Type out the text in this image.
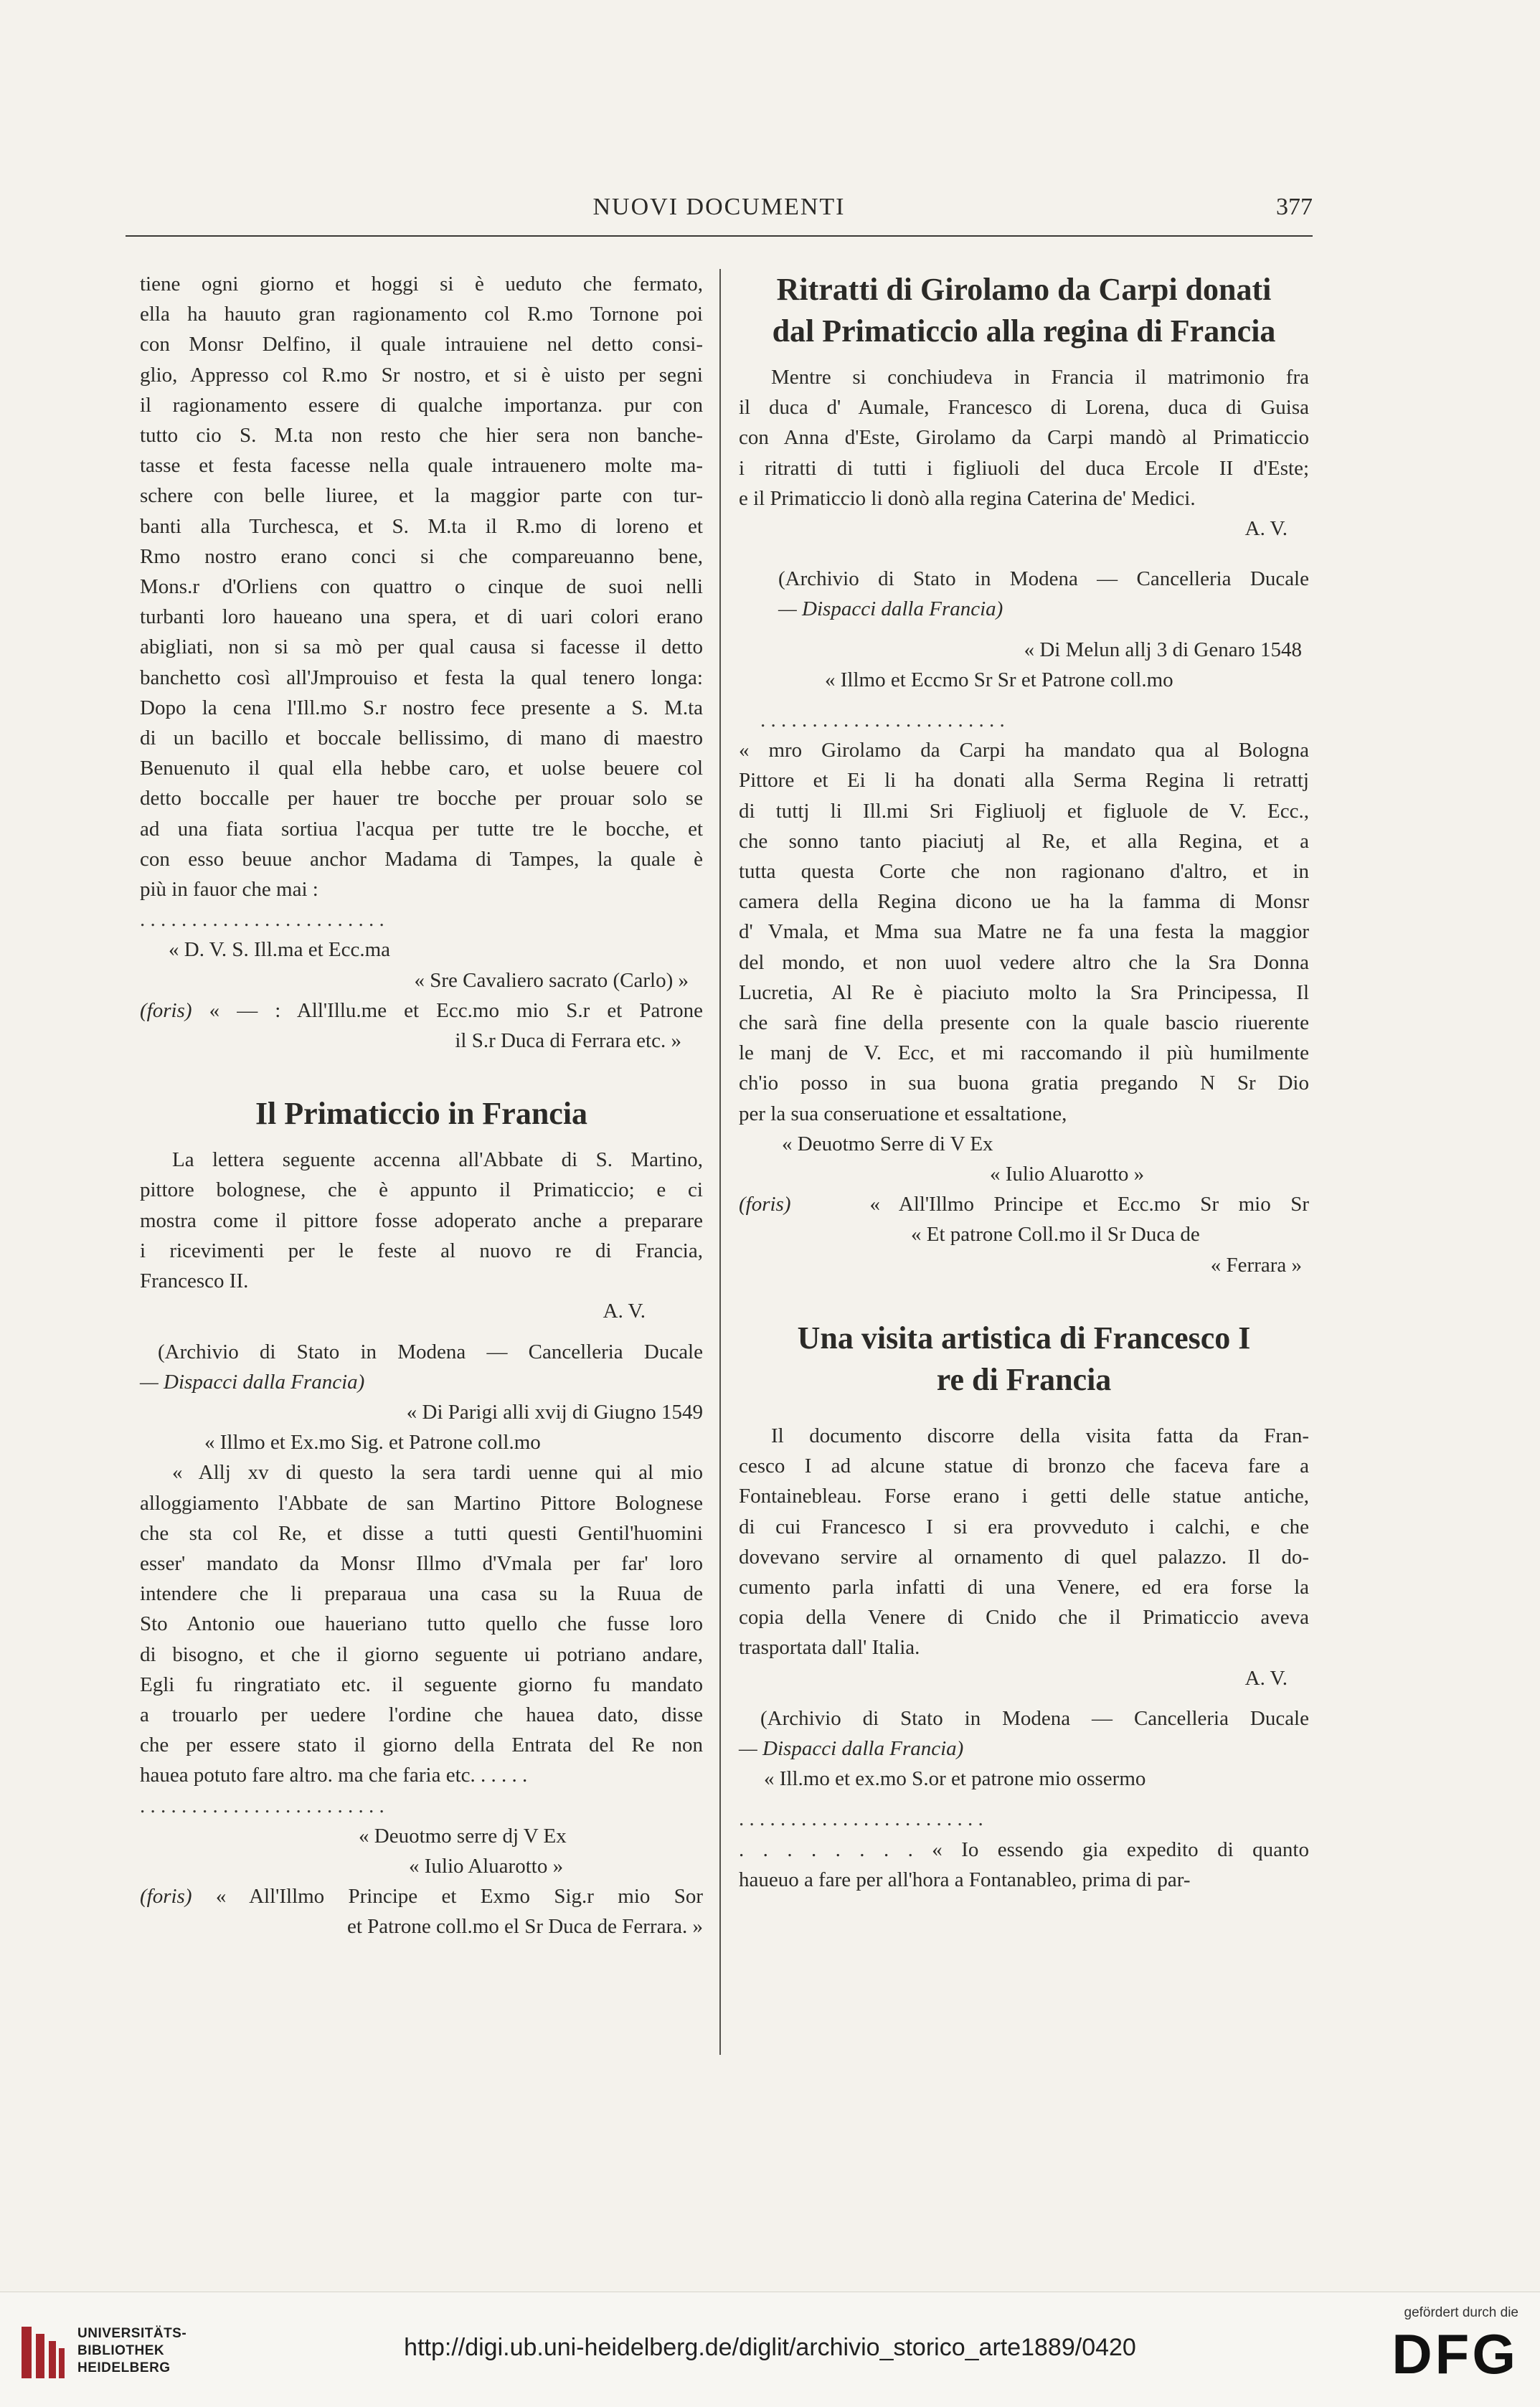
NUOVI DOCUMENTI	377
tiene ogni giorno et hoggi si è ueduto che fermato,
ella ha hauuto gran ragionamento col R.mo Tornone poi
con Monsr Delfino, il quale intrauiene nel detto consi-
glio, Appresso col R.mo Sr nostro, et si è uisto per segni
il ragionamento essere di qualche importanza. pur con
tutto cio S. M.ta non resto che hier sera non banche-
tasse et festa facesse nella quale intrauenero molte ma-
schere con belle liuree, et la maggior parte con tur-
banti alla Turchesca, et S. M.ta il R.mo di loreno et
Rmo nostro erano conci si che compareuanno bene,
Mons.r d'Orliens con quattro o cinque de suoi nelli
turbanti loro haueano una spera, et di uari colori erano
abigliati, non si sa mò per qual causa si facesse il detto
banchetto così all'Jmprouiso et festa la qual tenero longa:
Dopo la cena l'Ill.mo S.r nostro fece presente a S. M.ta
di un bacillo et boccale bellissimo, di mano di maestro
Benuenuto il qual ella hebbe caro, et uolse beuere col
detto boccalle per hauer tre bocche per prouar solo se
ad una fiata sortiua l'acqua per tutte tre le bocche, et
con esso beuue anchor Madama di Tampes, la quale è
più in fauor che mai :
. . . . . . . . . . . . . . . . . . . . . . . .
« D. V. S. Ill.ma et Ecc.ma
« Sre Cavaliero sacrato (Carlo) »
(foris) « — : All'Illu.me et Ecc.mo mio S.r et Patrone
il S.r Duca di Ferrara etc. »
Il Primaticcio in Francia
La lettera seguente accenna all'Abbate di S. Martino,
pittore bolognese, che è appunto il Primaticcio; e ci
mostra come il pittore fosse adoperato anche a preparare
i ricevimenti per le feste al nuovo re di Francia,
Francesco II.
A. V.
(Archivio di Stato in Modena — Cancelleria Ducale
— Dispacci dalla Francia)
« Di Parigi alli xvij di Giugno 1549
« Illmo et Ex.mo Sig. et Patrone coll.mo
« Allj xv di questo la sera tardi uenne qui al mio
alloggiamento l'Abbate de san Martino Pittore Bolognese
che sta col Re, et disse a tutti questi Gentil'huomini
esser' mandato da Monsr Illmo d'Vmala per far' loro
intendere che li preparaua una casa su la Ruua de
Sto Antonio oue haueriano tutto quello che fusse loro
di bisogno, et che il giorno seguente ui potriano andare,
Egli fu ringratiato etc. il seguente giorno fu mandato
a trouarlo per uedere l'ordine che hauea dato, disse
che per essere stato il giorno della Entrata del Re non
hauea potuto fare altro. ma che faria etc. . . . . .
. . . . . . . . . . . . . . . . . . . . . . . .
« Deuotmo serre dj V Ex
« Iulio Aluarotto »
(foris) « All'Illmo Principe et Exmo Sig.r mio Sor
et Patrone coll.mo el Sr Duca de Ferrara. »
Ritratti di Girolamo da Carpi donati
dal Primaticcio alla regina di Francia
Mentre si conchiudeva in Francia il matrimonio fra
il duca d' Aumale, Francesco di Lorena, duca di Guisa
con Anna d'Este, Girolamo da Carpi mandò al Primaticcio
i ritratti di tutti i figliuoli del duca Ercole II d'Este;
e il Primaticcio li donò alla regina Caterina de' Medici.
A. V.
(Archivio di Stato in Modena — Cancelleria Ducale
— Dispacci dalla Francia)
« Di Melun allj 3 di Genaro 1548
« Illmo et Eccmo Sr Sr et Patrone coll.mo
. . . . . . . . . . . . . . . . . . . . . . . .
« mro Girolamo da Carpi ha mandato qua al Bologna
Pittore et Ei li ha donati alla Serma Regina li retrattj
di tuttj li Ill.mi Sri Figliuolj et figluole de V. Ecc.,
che sonno tanto piaciutj al Re, et alla Regina, et a
tutta questa Corte che non ragionano d'altro, et in
camera della Regina dicono ue ha la famma di Monsr
d' Vmala, et Mma sua Matre ne fa una festa la maggior
del mondo, et non uuol vedere altro che la Sra Donna
Lucretia, Al Re è piaciuto molto la Sra Principessa, Il
che sarà fine della presente con la quale bascio riuerente
le manj de V. Ecc, et mi raccomando il più humilmente
ch'io posso in sua buona gratia pregando N Sr Dio
per la sua conseruatione et essaltatione,
« Deuotmo Serre di V Ex
« Iulio Aluarotto »
(foris)	« All'Illmo Principe et Ecc.mo Sr mio Sr
« Et patrone Coll.mo il Sr Duca de
« Ferrara »
Una visita artistica di Francesco I
re di Francia
Il documento discorre della visita fatta da Fran-
cesco I ad alcune statue di bronzo che faceva fare a
Fontainebleau. Forse erano i getti delle statue antiche,
di cui Francesco I si era provveduto i calchi, e che
dovevano servire al ornamento di quel palazzo. Il do-
cumento parla infatti di una Venere, ed era forse la
copia della Venere di Cnido che il Primaticcio aveva
trasportata dall' Italia.
A. V.
(Archivio di Stato in Modena — Cancelleria Ducale
— Dispacci dalla Francia)
« Ill.mo et ex.mo S.or et patrone mio ossermo
. . . . . . . . . . . . . . . . . . . . . . . .
. . . . . . . . « Io essendo gia expedito di quanto
haueuo a fare per all'hora a Fontanableo, prima di par-
UNIVERSITÄTS-
BIBLIOTHEK
HEIDELBERG
http://digi.ub.uni-heidelberg.de/diglit/archivio_storico_arte1889/0420
gefördert durch die
DFG
